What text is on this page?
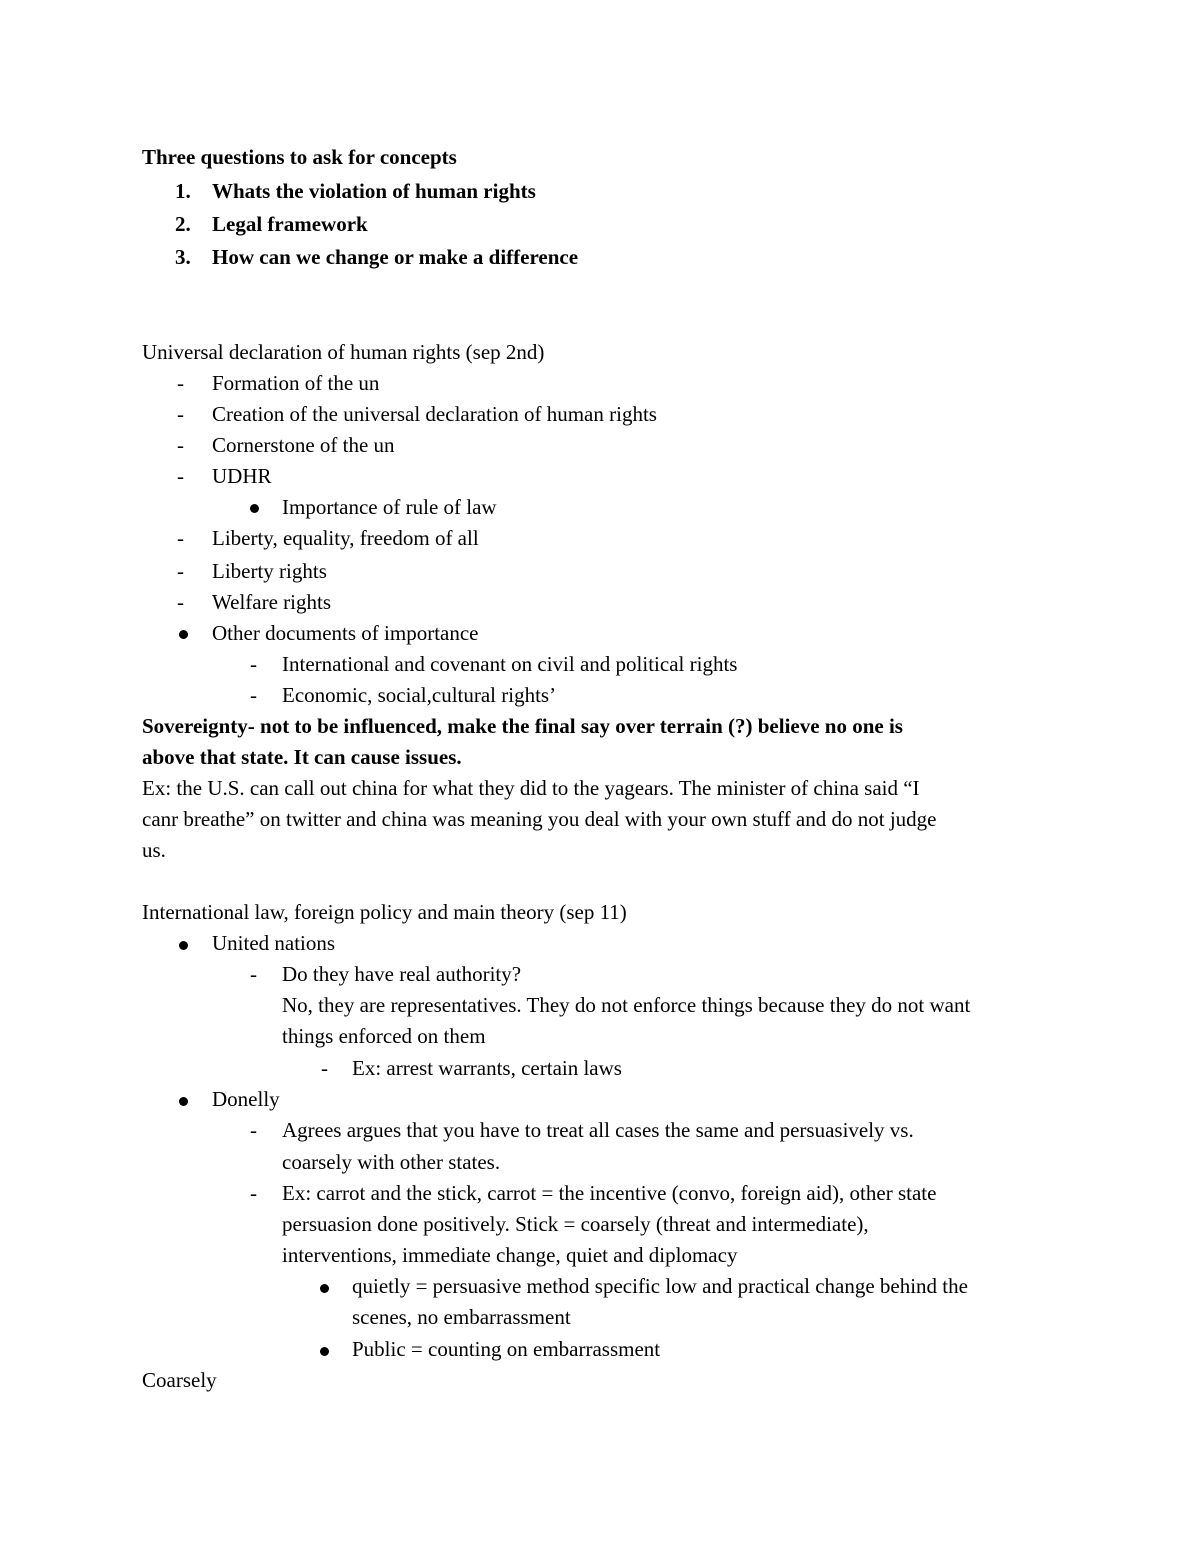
Three questions to ask for concepts
1. Whats the violation of human rights
2. Legal framework
3. How can we change or make a difference
Universal declaration of human rights (sep 2nd)
- Formation of the un
- Creation of the universal declaration of human rights
- Cornerstone of the un
- UDHR
Importance of rule of law
- Liberty, equality, freedom of all
- Liberty rights
- Welfare rights
Other documents of importance
- International and covenant on civil and political rights
- Economic, social,cultural rights’
Sovereignty- not to be influenced, make the final say over terrain (?) believe no one is
above that state. It can cause issues.
Ex: the U.S. can call out china for what they did to the yagears. The minister of china said “I
canr breathe” on twitter and china was meaning you deal with your own stuff and do not judge
us.
International law, foreign policy and main theory (sep 11)
United nations
- Do they have real authority?
No, they are representatives. They do not enforce things because they do not want
things enforced on them
- Ex: arrest warrants, certain laws
Donelly
- Agrees argues that you have to treat all cases the same and persuasively vs.
coarsely with other states.
- Ex: carrot and the stick, carrot = the incentive (convo, foreign aid), other state
persuasion done positively. Stick = coarsely (threat and intermediate),
interventions, immediate change, quiet and diplomacy
quietly = persuasive method specific low and practical change behind the
scenes, no embarrassment
Public = counting on embarrassment
Coarsely
